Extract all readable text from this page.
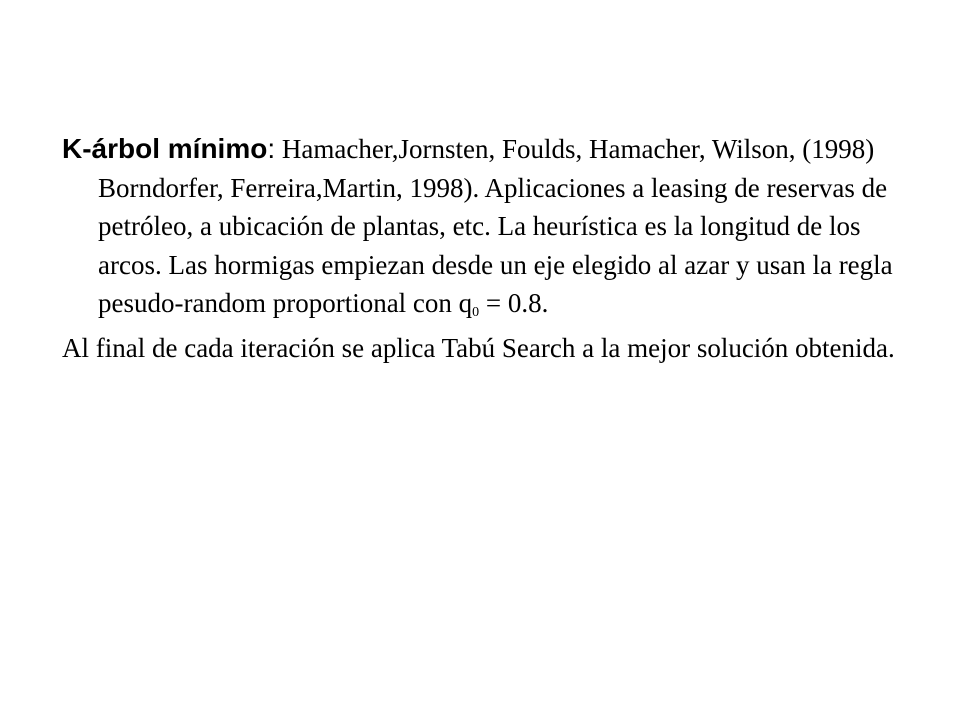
K-árbol mínimo: Hamacher,Jornsten, Foulds, Hamacher, Wilson, (1998) Borndorfer, Ferreira,Martin, 1998). Aplicaciones a leasing de reservas de petróleo, a ubicación de plantas, etc. La heurística es la longitud de los arcos. Las hormigas empiezan desde un eje elegido al azar y usan la regla pesudo-random proportional con $q_0 = 0.8$.

Al final de cada iteración se aplica Tabú Search a la mejor solución obtenida.
